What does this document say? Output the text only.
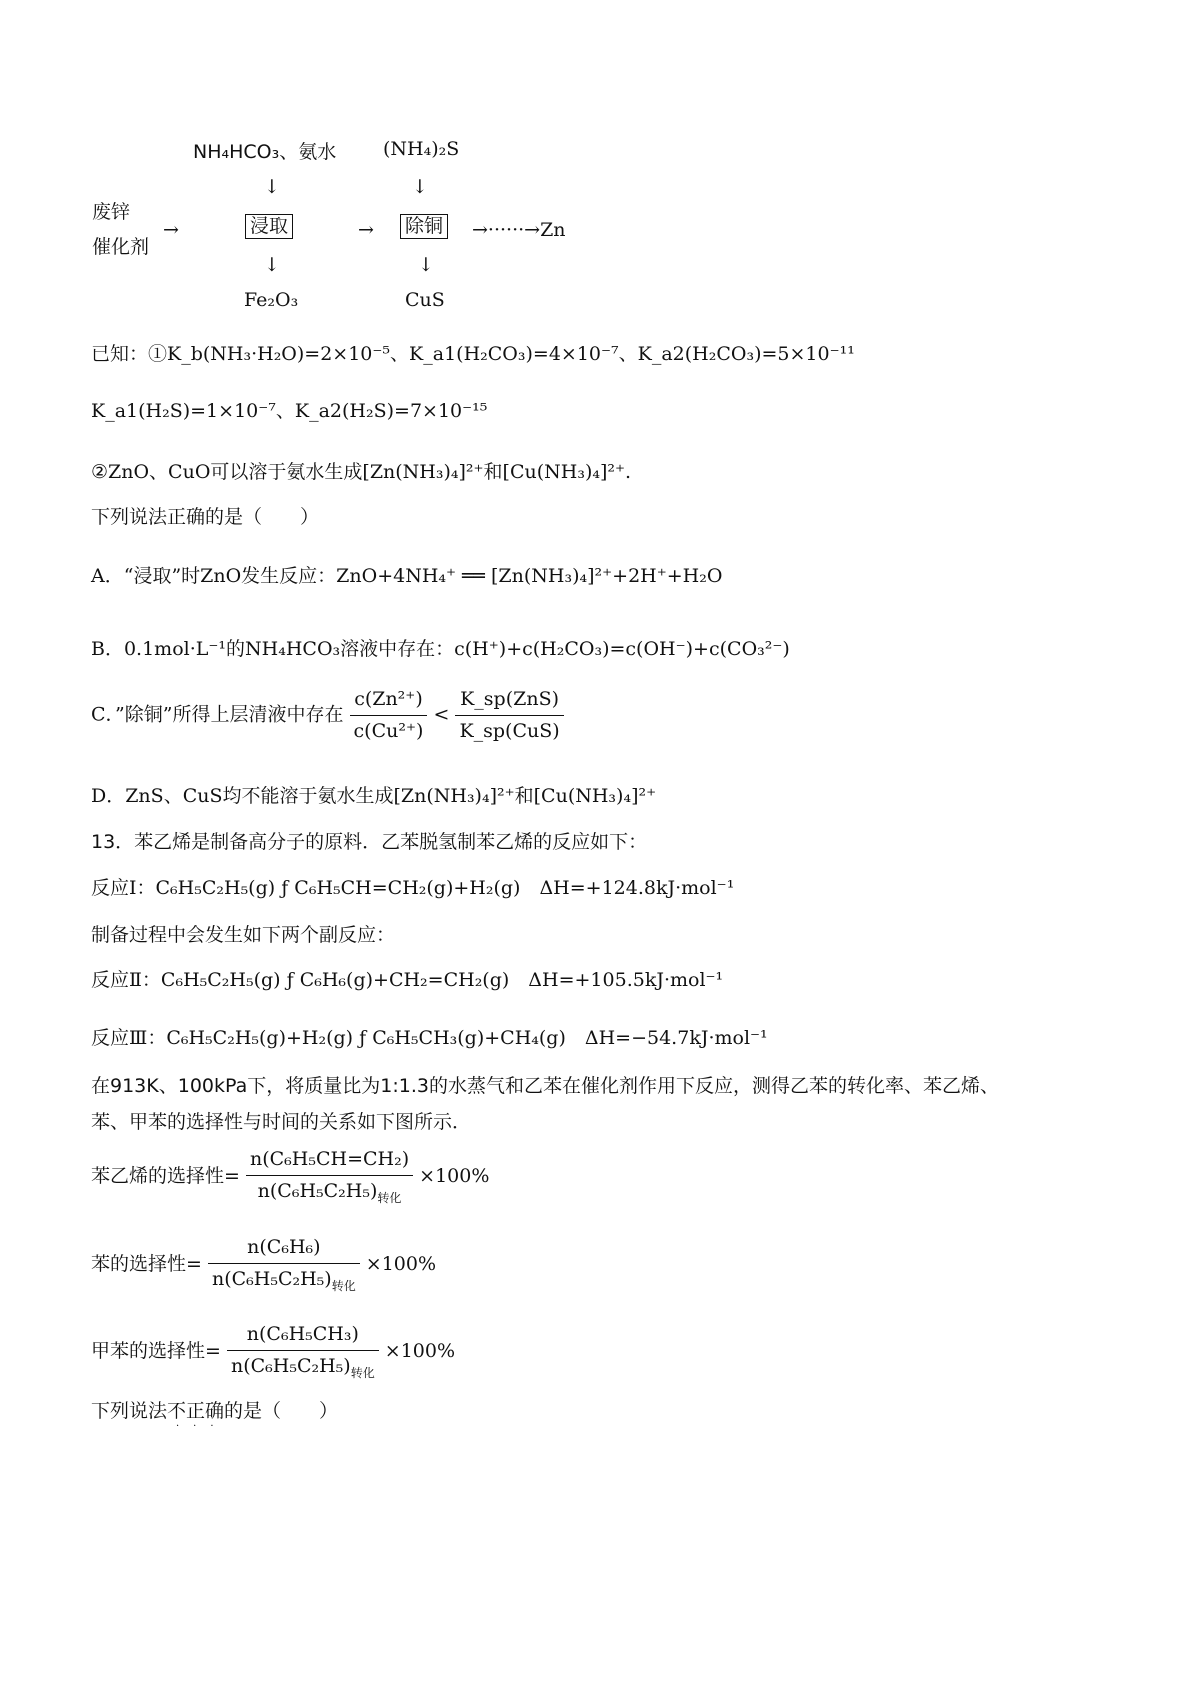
NH₄HCO₃、氨水 (NH₄)₂S
↓	↓
废锌
催化剂
→	浸取	→ 除铜 →······→Zn
↓	↓
Fe₂O₃	CuS
已知：①K_b(NH₃·H₂O)=2×10⁻⁵、K_a1(H₂CO₃)=4×10⁻⁷、K_a2(H₂CO₃)=5×10⁻¹¹
K_a1(H₂S)=1×10⁻⁷、K_a2(H₂S)=7×10⁻¹⁵
②ZnO、CuO可以溶于氨水生成[Zn(NH₃)₄]²⁺和[Cu(NH₃)₄]²⁺.
下列说法正确的是（　　）
A．“浸取”时ZnO发生反应：ZnO+4NH₄⁺ ══ [Zn(NH₃)₄]²⁺+2H⁺+H₂O
B．0.1mol·L⁻¹的NH₄HCO₃溶液中存在：c(H⁺)+c(H₂CO₃)=c(OH⁻)+c(CO₃²⁻)
C．”除铜”所得上层清液中存在 $\frac{\text{c(Zn²⁺)}}{\text{c(Cu²⁺)}} < \frac{\text{K\_sp(ZnS)}}{\text{K\_sp(CuS)}}$
D．ZnS、CuS均不能溶于氨水生成[Zn(NH₃)₄]²⁺和[Cu(NH₃)₄]²⁺
13．苯乙烯是制备高分子的原料．乙苯脱氢制苯乙烯的反应如下：
反应Ⅰ：C₆H₅C₂H₅(g) ƒ C₆H₅CH=CH₂(g)+H₂(g)　ΔH=+124.8kJ·mol⁻¹
制备过程中会发生如下两个副反应：
反应Ⅱ：C₆H₅C₂H₅(g) ƒ C₆H₆(g)+CH₂=CH₂(g)　ΔH=+105.5kJ·mol⁻¹
反应Ⅲ：C₆H₅C₂H₅(g)+H₂(g) ƒ C₆H₅CH₃(g)+CH₄(g)　ΔH=−54.7kJ·mol⁻¹
在913K、100kPa下，将质量比为1:1.3的水蒸气和乙苯在催化剂作用下反应，测得乙苯的转化率、苯乙烯、
苯、甲苯的选择性与时间的关系如下图所示．
苯乙烯的选择性= $\frac{\text{n(C₆H₅CH=CH₂)}}{n(C_6H_5C_2H_5)_{转化}} \times 100\%$
苯的选择性= $\frac{\text{n(C₆H₆)}}{n(C_6H_5C_2H_5)_{转化}} \times 100\%$
甲苯的选择性= $\frac{\text{n(C₆H₅CH₃)}}{n(C_6H_5C_2H_5)_{转化}} \times 100\%$
下列说法不正确的是（　　）
···
